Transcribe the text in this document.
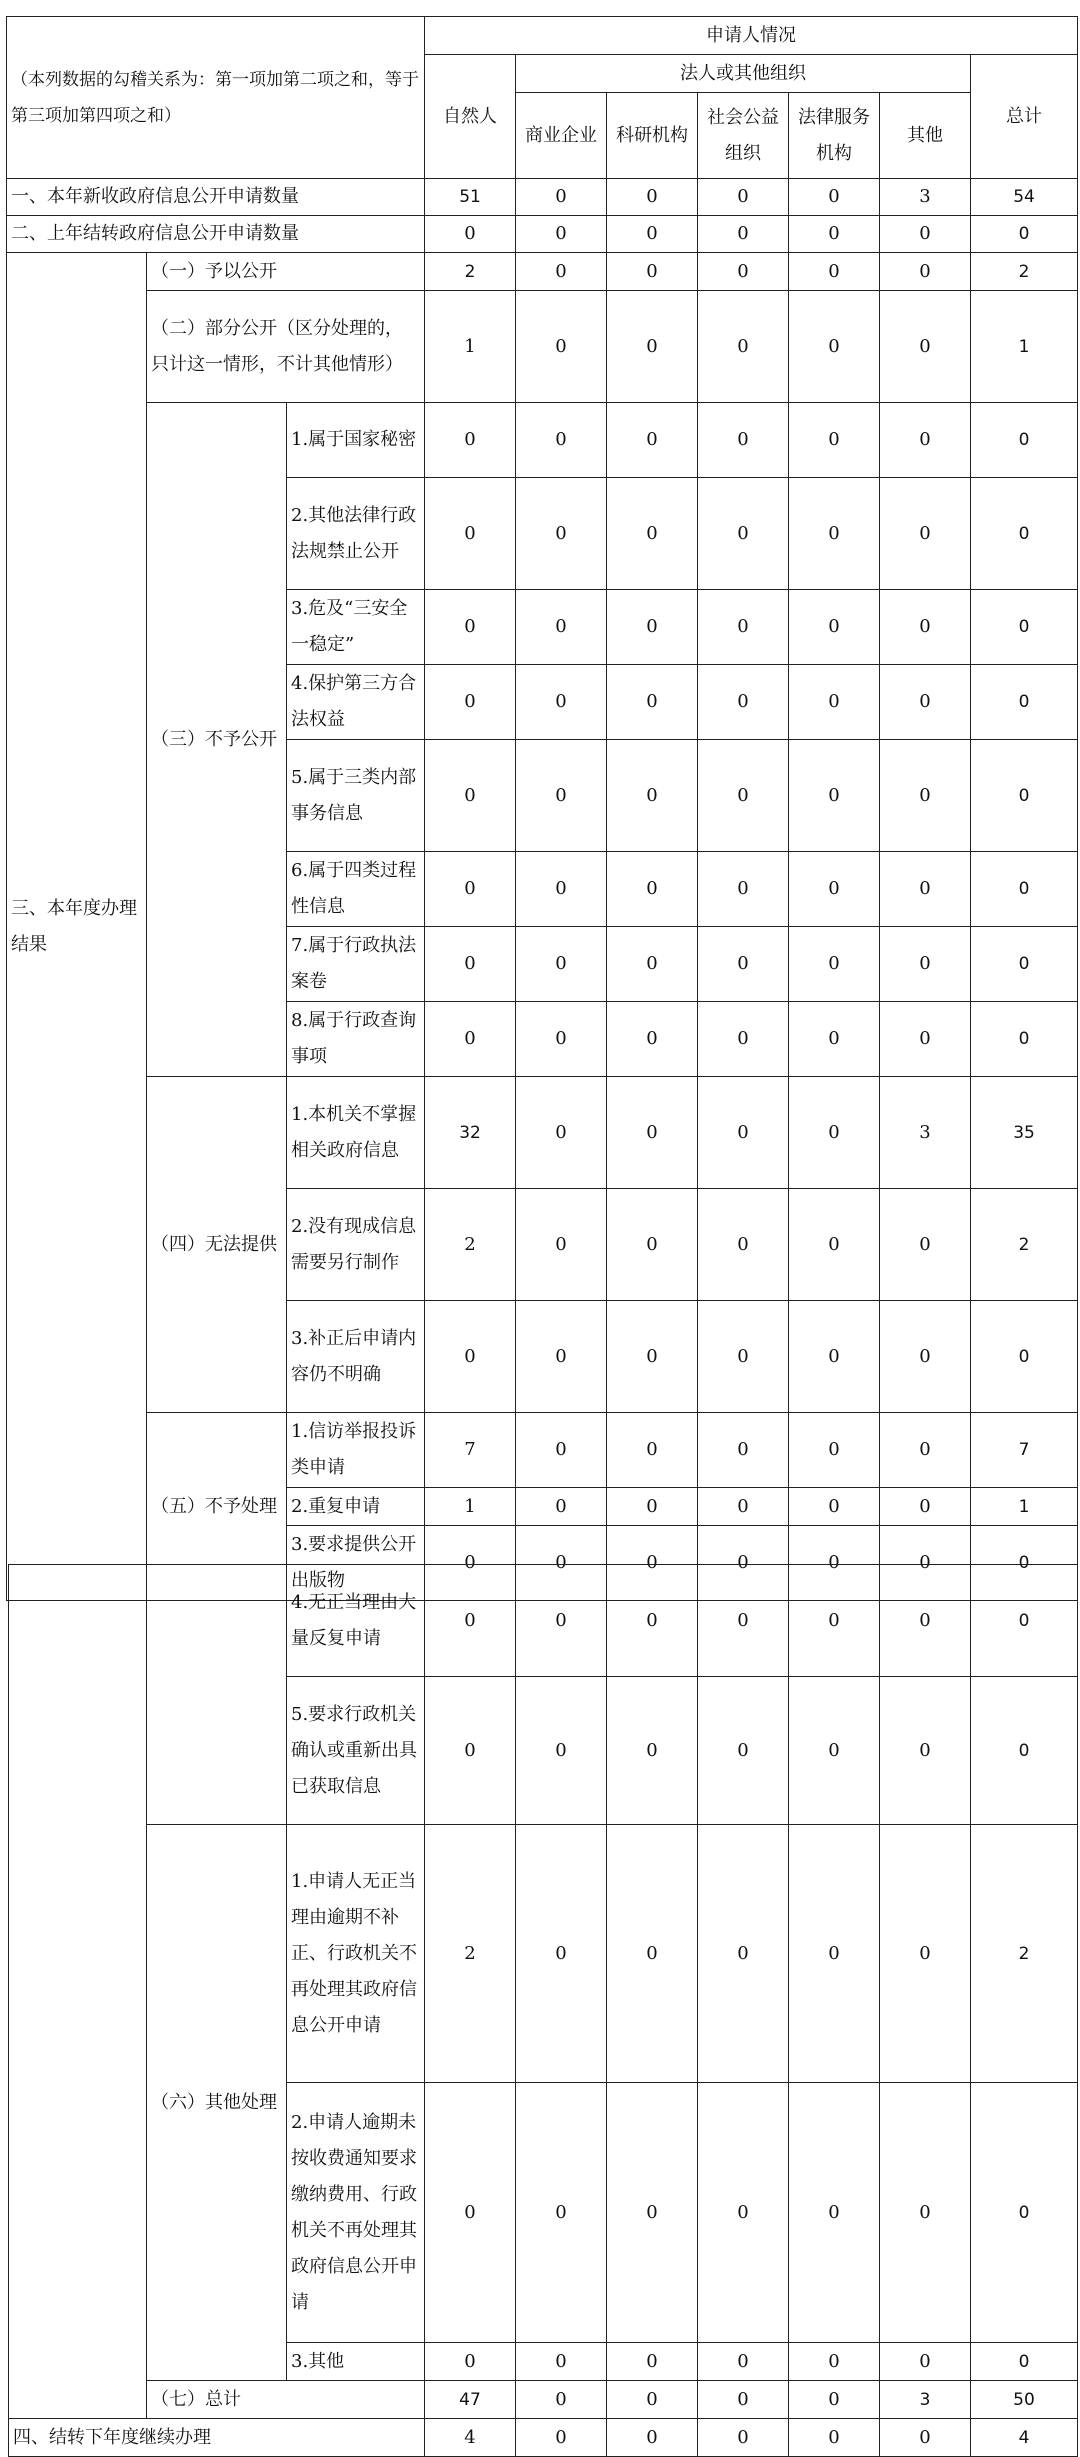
（本列数据的勾稽关系为：第一项加第二项之和，等于第三项加第四项之和）			申请人情况						
			自然人	法人或其他组织					总计
				商业企业	科研机构	社会公益组织	法律服务机构	其他	
一、本年新收政府信息公开申请数量			51	0	0	0	0	3	54
二、上年结转政府信息公开申请数量			0	0	0	0	0	0	0
三、本年度办理结果	（一）予以公开		2	0	0	0	0	0	2
	（二）部分公开（区分处理的，只计这一情形，不计其他情形）		1	0	0	0	0	0	1
	（三）不予公开	1.属于国家秘密	0	0	0	0	0	0	0
		2.其他法律行政法规禁止公开	0	0	0	0	0	0	0
		3.危及“三安全一稳定”	0	0	0	0	0	0	0
		4.保护第三方合法权益	0	0	0	0	0	0	0
		5.属于三类内部事务信息	0	0	0	0	0	0	0
		6.属于四类过程性信息	0	0	0	0	0	0	0
		7.属于行政执法案卷	0	0	0	0	0	0	0
		8.属于行政查询事项	0	0	0	0	0	0	0
	（四）无法提供	1.本机关不掌握相关政府信息	32	0	0	0	0	3	35
		2.没有现成信息需要另行制作	2	0	0	0	0	0	2
		3.补正后申请内容仍不明确	0	0	0	0	0	0	0
	（五）不予处理	1.信访举报投诉类申请	7	0	0	0	0	0	7
		2.重复申请	1	0	0	0	0	0	1
		3.要求提供公开出版物	0	0	0	0	0	0	0
		4.无正当理由大量反复申请	0	0	0	0	0	0	0
		5.要求行政机关确认或重新出具已获取信息	0	0	0	0	0	0	0
	（六）其他处理	1.申请人无正当理由逾期不补正、行政机关不再处理其政府信息公开申请	2	0	0	0	0	0	2
		2.申请人逾期未按收费通知要求缴纳费用、行政机关不再处理其政府信息公开申请	0	0	0	0	0	0	0
		3.其他	0	0	0	0	0	0	0
	（七）总计		47	0	0	0	0	3	50
四、结转下年度继续办理			4	0	0	0	0	0	4
